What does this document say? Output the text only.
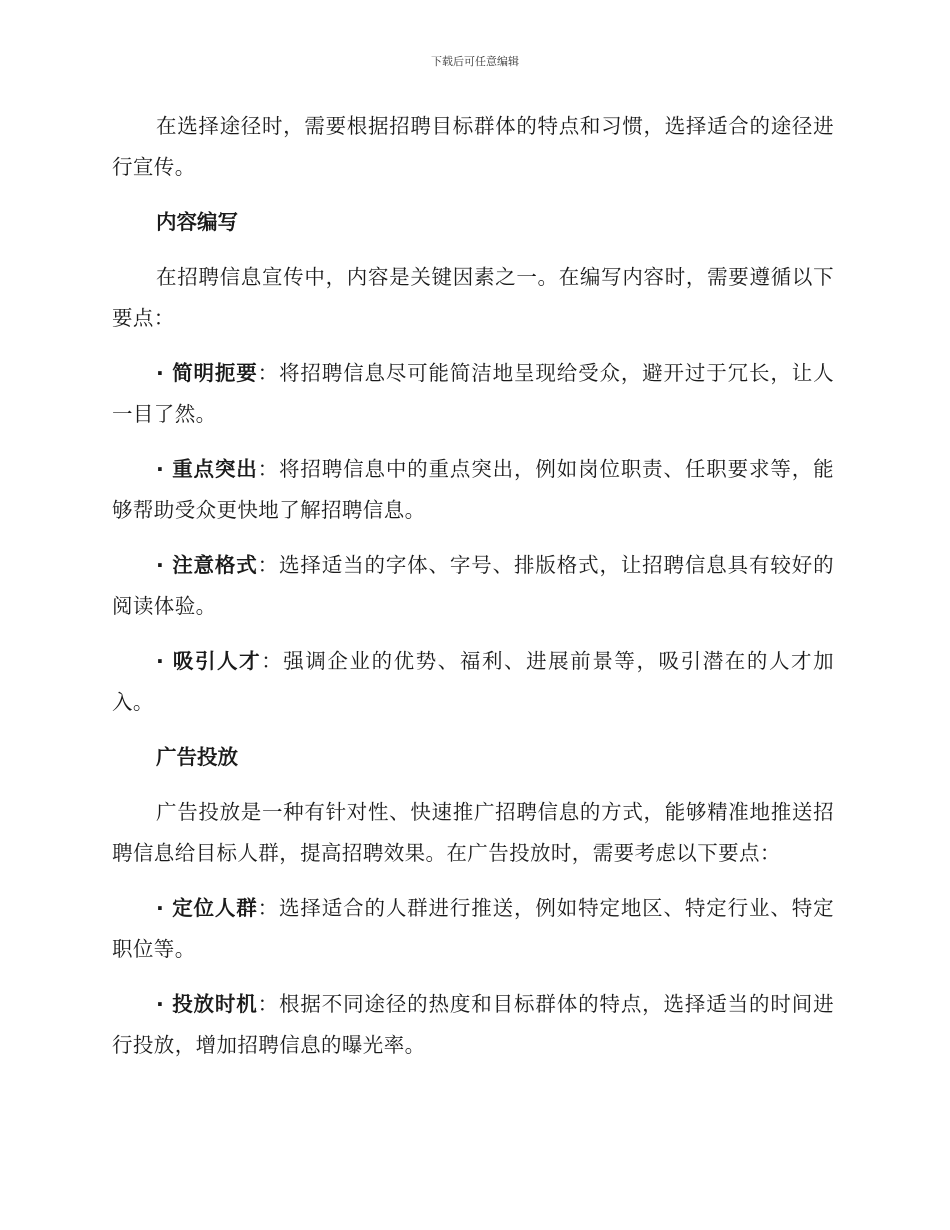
下载后可任意编辑

在选择途径时，需要根据招聘目标群体的特点和习惯，选择适合的途径进行宣传。

内容编写

在招聘信息宣传中，内容是关键因素之一。在编写内容时，需要遵循以下要点：

· 简明扼要：将招聘信息尽可能简洁地呈现给受众，避开过于冗长，让人一目了然。

· 重点突出：将招聘信息中的重点突出，例如岗位职责、任职要求等，能够帮助受众更快地了解招聘信息。

· 注意格式：选择适当的字体、字号、排版格式，让招聘信息具有较好的阅读体验。

· 吸引人才：强调企业的优势、福利、进展前景等，吸引潜在的人才加入。

广告投放

广告投放是一种有针对性、快速推广招聘信息的方式，能够精准地推送招聘信息给目标人群，提高招聘效果。在广告投放时，需要考虑以下要点：

· 定位人群：选择适合的人群进行推送，例如特定地区、特定行业、特定职位等。

· 投放时机：根据不同途径的热度和目标群体的特点，选择适当的时间进行投放，增加招聘信息的曝光率。
